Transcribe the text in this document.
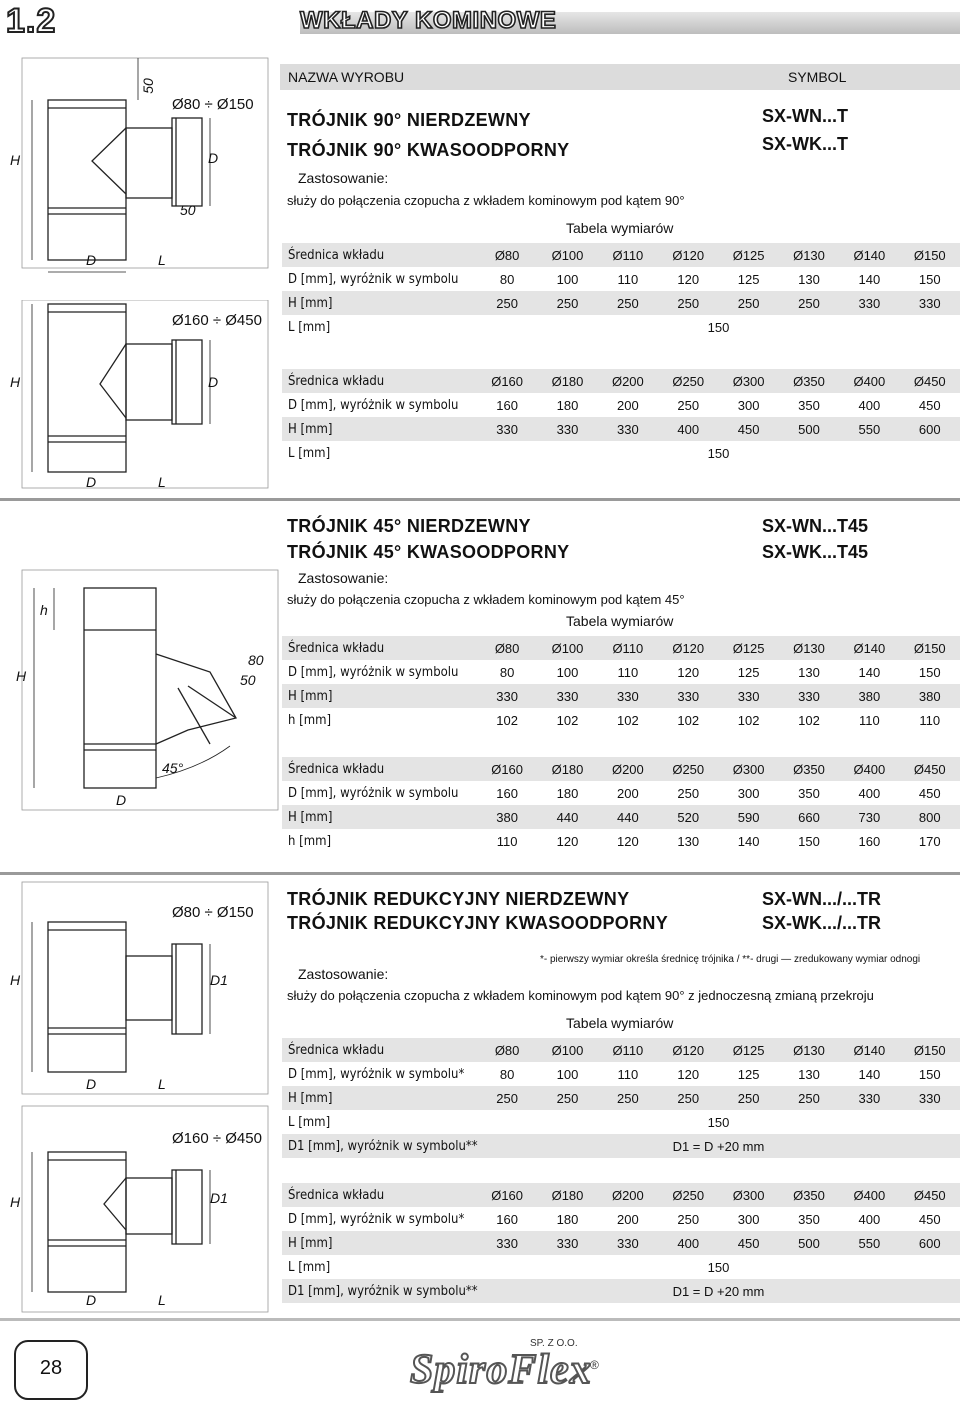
1.2	WKŁADY KOMINOWE
NAZWA WYROBU	SYMBOL
H
50
D
D	L
50
Ø80 ÷ Ø150
Ø160 ÷ Ø450
H	D
D	L
TRÓJNIK 90° NIERDZEWNY
TRÓJNIK 90° KWASOODPORNY
SX-WN...T
SX-WK...T
Zastosowanie:
służy do połączenia czopucha z wkładem kominowym pod kątem 90°
Tabela wymiarów
Średnica wkładu	Ø80	Ø100	Ø110	Ø120	Ø125	Ø130	Ø140	Ø150
D [mm], wyróżnik w symbolu	80	100	110	120	125	130	140	150
H [mm]	250	250	250	250	250	250	330	330
L [mm]	150							
Średnica wkładu	Ø160	Ø180	Ø200	Ø250	Ø300	Ø350	Ø400	Ø450
D [mm], wyróżnik w symbolu	160	180	200	250	300	350	400	450
H [mm]	330	330	330	400	450	500	550	600
L [mm]	150							
H
h
80
50
D
45°
TRÓJNIK 45° NIERDZEWNY
TRÓJNIK 45° KWASOODPORNY
SX-WN...T45
SX-WK...T45
Zastosowanie:
służy do połączenia czopucha z wkładem kominowym pod kątem 45°
Tabela wymiarów
Średnica wkładu	Ø80	Ø100	Ø110	Ø120	Ø125	Ø130	Ø140	Ø150
D [mm], wyróżnik w symbolu	80	100	110	120	125	130	140	150
H [mm]	330	330	330	330	330	330	380	380
h [mm]	102	102	102	102	102	102	110	110
Średnica wkładu	Ø160	Ø180	Ø200	Ø250	Ø300	Ø350	Ø400	Ø450
D [mm], wyróżnik w symbolu	160	180	200	250	300	350	400	450
H [mm]	380	440	440	520	590	660	730	800
h [mm]	110	120	120	130	140	150	160	170
Ø80 ÷ Ø150
H	D1
D	L
Ø160 ÷ Ø450
H	D1
D	L
TRÓJNIK REDUKCYJNY NIERDZEWNY
TRÓJNIK REDUKCYJNY KWASOODPORNY
SX-WN.../...TR
SX-WK.../...TR
*- pierwszy wymiar określa średnicę trójnika / **- drugi — zredukowany wymiar odnogi
Zastosowanie:
służy do połączenia czopucha z wkładem kominowym pod kątem 90° z jednoczesną zmianą przekroju
Tabela wymiarów
Średnica wkładu	Ø80	Ø100	Ø110	Ø120	Ø125	Ø130	Ø140	Ø150
D [mm], wyróżnik w symbolu*	80	100	110	120	125	130	140	150
H [mm]	250	250	250	250	250	250	330	330
L [mm]	150							
D1 [mm], wyróżnik w symbolu**	D1 = D +20 mm							
Średnica wkładu	Ø160	Ø180	Ø200	Ø250	Ø300	Ø350	Ø400	Ø450
D [mm], wyróżnik w symbolu*	160	180	200	250	300	350	400	450
H [mm]	330	330	330	400	450	500	550	600
L [mm]	150							
D1 [mm], wyróżnik w symbolu**	D1 = D +20 mm							
28	SpiroFlex
SP. Z O.O.
®
